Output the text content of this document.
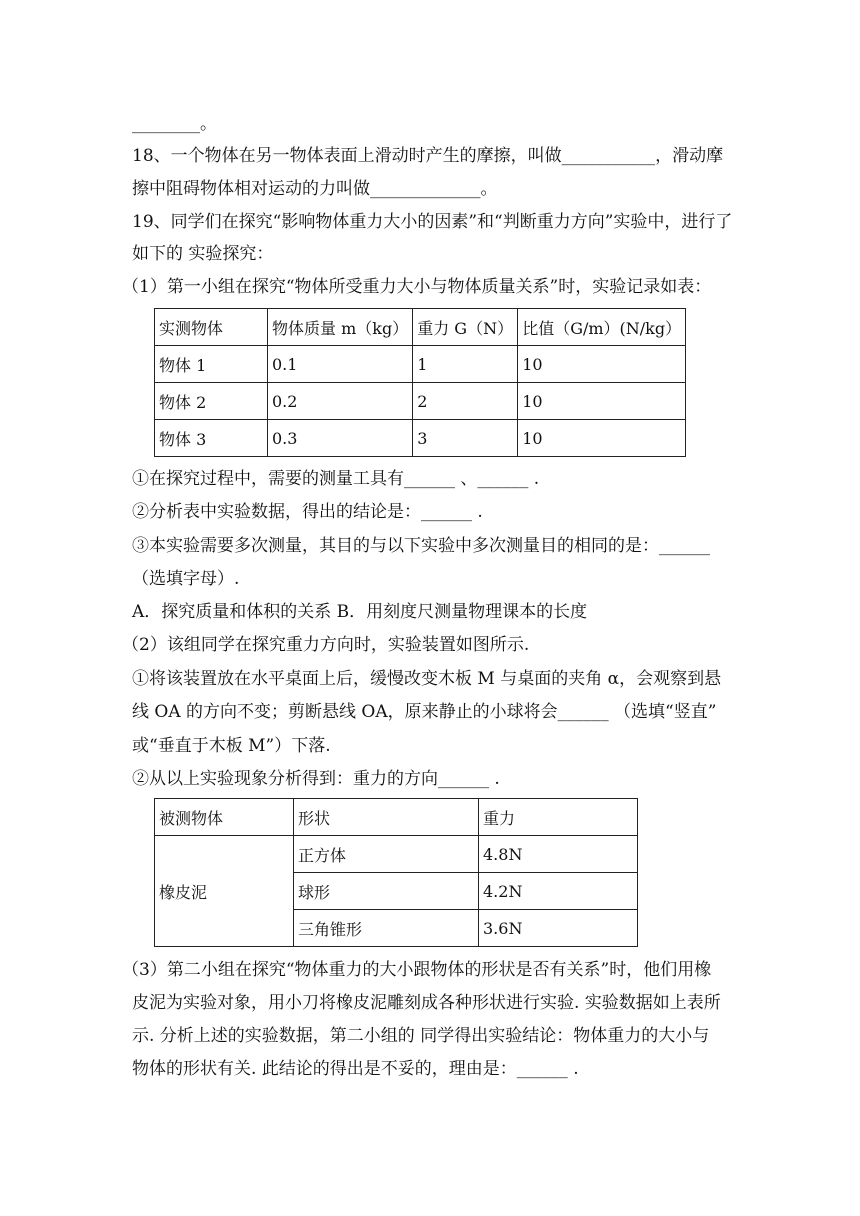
________。
18、一个物体在另一物体表面上滑动时产生的摩擦，叫做___________，滑动摩
擦中阻碍物体相对运动的力叫做_____________。
19、同学们在探究“影响物体重力大小的因素”和“判断重力方向”实验中，进行了
如下的 实验探究：
（1）第一小组在探究“物体所受重力大小与物体质量关系”时，实验记录如表：
实测物体	物体质量 m（kg）	重力 G（N）	比值（G/m）(N/kg）
物体 1	0.1	1	10
物体 2	0.2	2	10
物体 3	0.3	3	10
①在探究过程中，需要的测量工具有______ 、______ .
②分析表中实验数据，得出的结论是：______ .
③本实验需要多次测量，其目的与以下实验中多次测量目的相同的是：______
（选填字母）.
A．探究质量和体积的关系 B．用刻度尺测量物理课本的长度
（2）该组同学在探究重力方向时，实验装置如图所示.
①将该装置放在水平桌面上后，缓慢改变木板 M 与桌面的夹角 α，会观察到悬
线 OA 的方向不变；剪断悬线 OA，原来静止的小球将会______ （选填“竖直”
或“垂直于木板 M”）下落.
②从以上实验现象分析得到：重力的方向______ .
被测物体	形状	重力
橡皮泥	正方体	4.8N
	球形	4.2N
	三角锥形	3.6N
（3）第二小组在探究“物体重力的大小跟物体的形状是否有关系”时，他们用橡
皮泥为实验对象，用小刀将橡皮泥雕刻成各种形状进行实验. 实验数据如上表所
示. 分析上述的实验数据，第二小组的 同学得出实验结论：物体重力的大小与
物体的形状有关. 此结论的得出是不妥的，理由是：______ .
